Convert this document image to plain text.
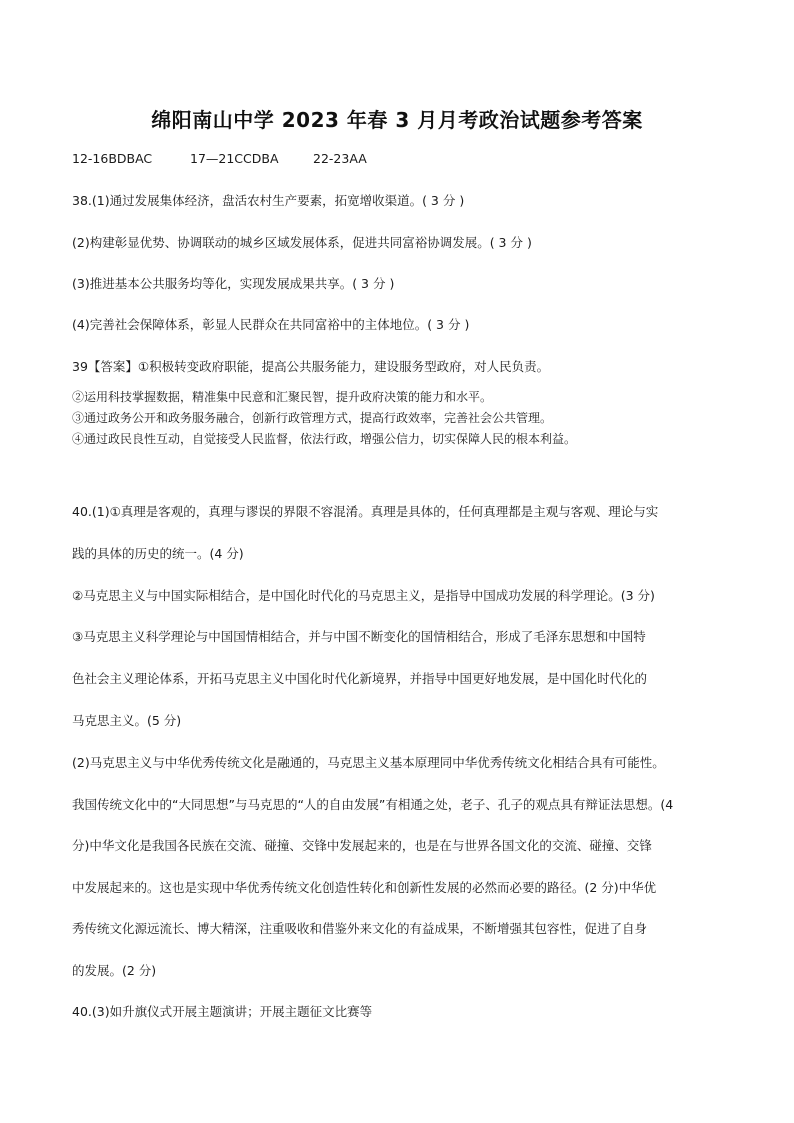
绵阳南山中学 2023 年春 3 月月考政治试题参考答案
12-16BDBAC	17—21CCDBA	22-23AA
38.(1)通过发展集体经济，盘活农村生产要素，拓宽增收渠道。( 3 分 )
(2)构建彰显优势、协调联动的城乡区域发展体系，促进共同富裕协调发展。( 3 分 )
(3)推进基本公共服务均等化，实现发展成果共享。( 3 分 )
(4)完善社会保障体系，彰显人民群众在共同富裕中的主体地位。( 3 分 )
39【答案】①积极转变政府职能，提高公共服务能力，建设服务型政府，对人民负责。
②运用科技掌握数据，精准集中民意和汇聚民智，提升政府决策的能力和水平。
③通过政务公开和政务服务融合，创新行政管理方式，提高行政效率，完善社会公共管理。
④通过政民良性互动，自觉接受人民监督，依法行政，增强公信力，切实保障人民的根本利益。
40.(1)①真理是客观的，真理与谬误的界限不容混淆。真理是具体的，任何真理都是主观与客观、理论与实
践的具体的历史的统一。(4 分)
②马克思主义与中国实际相结合，是中国化时代化的马克思主义，是指导中国成功发展的科学理论。(3 分)
③马克思主义科学理论与中国国情相结合，并与中国不断变化的国情相结合，形成了毛泽东思想和中国特
色社会主义理论体系，开拓马克思主义中国化时代化新境界，并指导中国更好地发展，是中国化时代化的
马克思主义。(5 分)
(2)马克思主义与中华优秀传统文化是融通的，马克思主义基本原理同中华优秀传统文化相结合具有可能性。
我国传统文化中的“大同思想”与马克思的“人的自由发展”有相通之处，老子、孔子的观点具有辩证法思想。(4
分)中华文化是我国各民族在交流、碰撞、交锋中发展起来的，也是在与世界各国文化的交流、碰撞、交锋
中发展起来的。这也是实现中华优秀传统文化创造性转化和创新性发展的必然而必要的路径。(2 分)中华优
秀传统文化源远流长、博大精深，注重吸收和借鉴外来文化的有益成果，不断增强其包容性，促进了自身
的发展。(2 分)
40.(3)如升旗仪式开展主题演讲；开展主题征文比赛等
